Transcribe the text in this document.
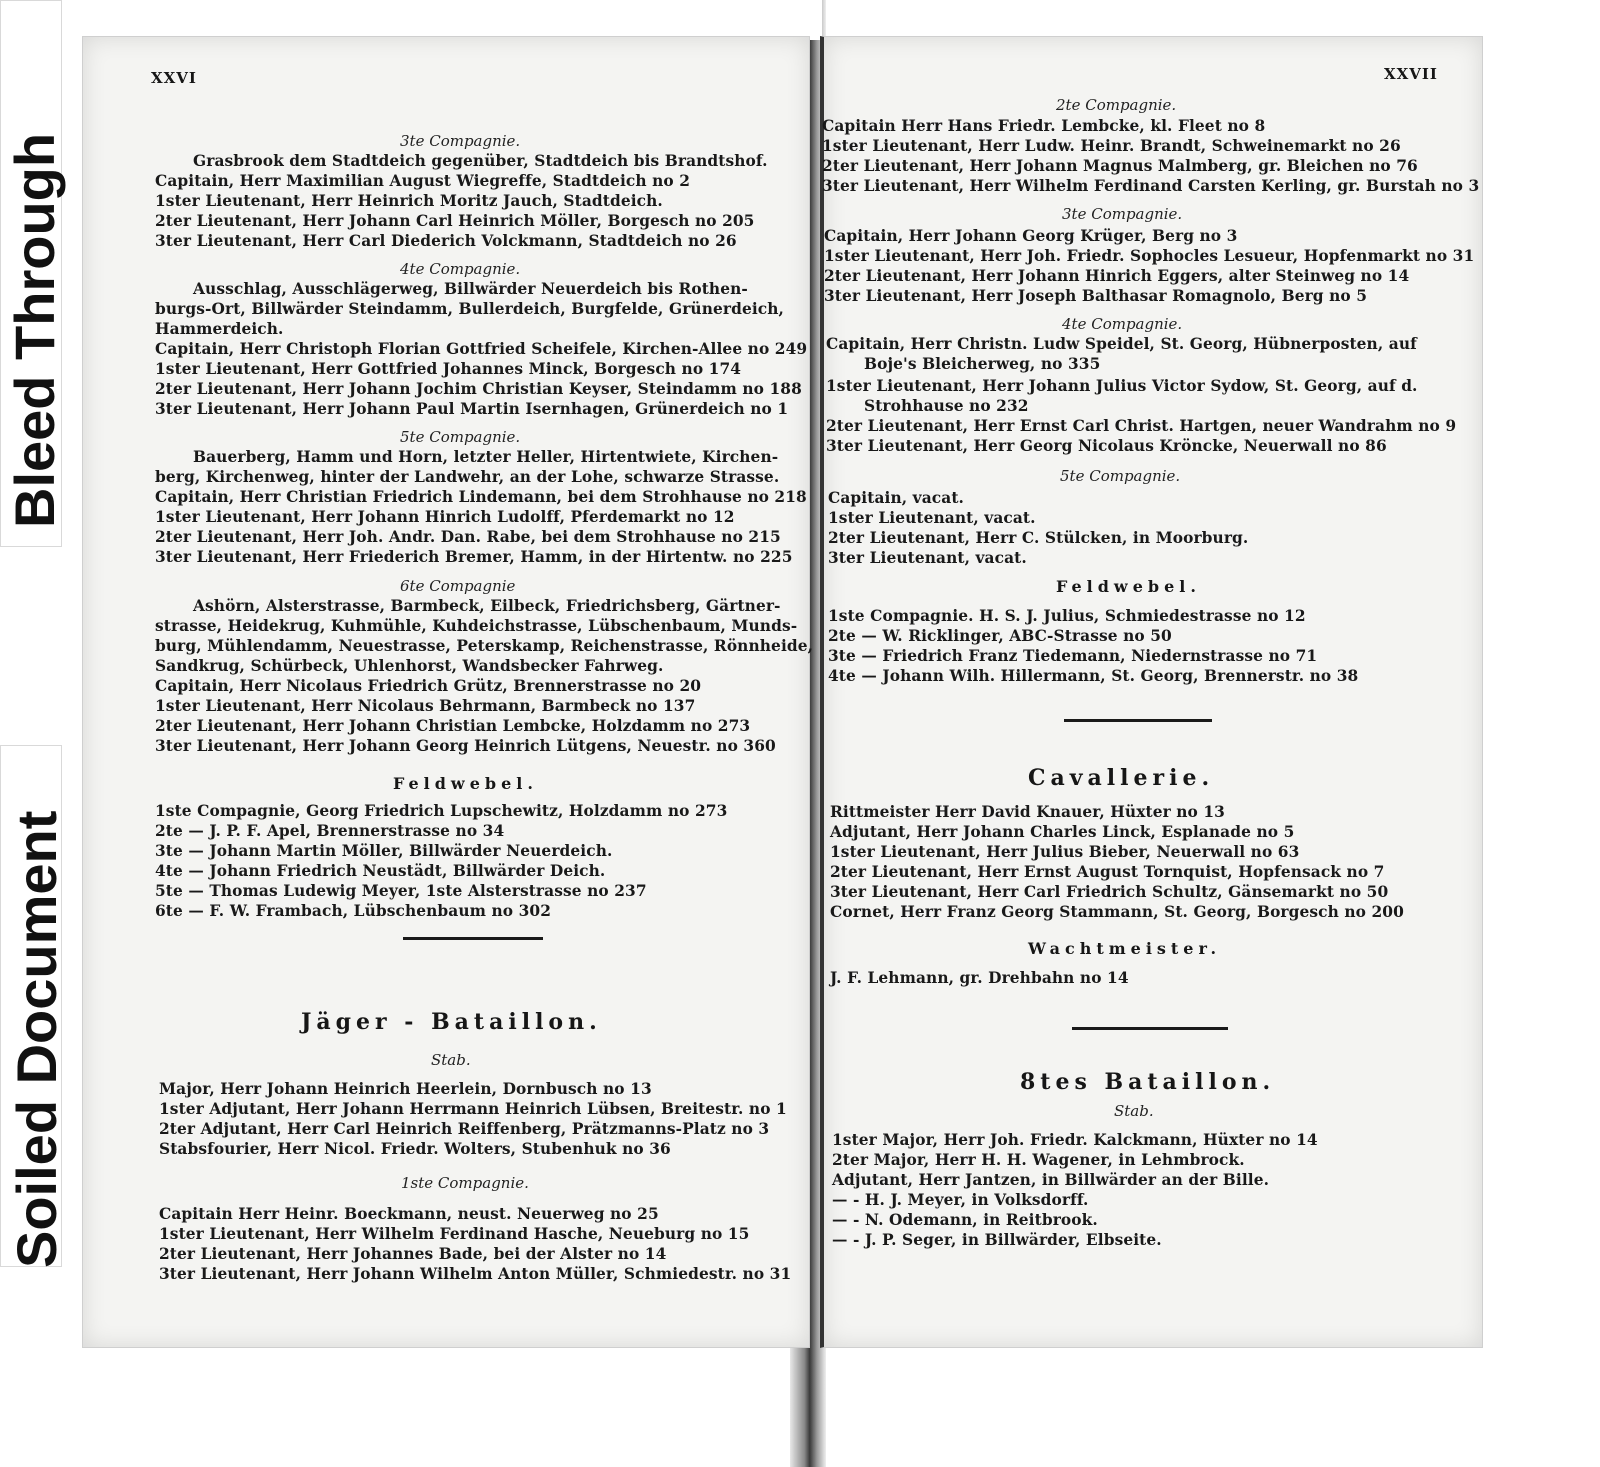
XXVI
3te Compagnie.
Grasbrook dem Stadtdeich gegenüber, Stadtdeich bis Brandtshof.
Capitain, Herr Maximilian August Wiegreffe, Stadtdeich no 2
1ster Lieutenant, Herr Heinrich Moritz Jauch, Stadtdeich.
2ter Lieutenant, Herr Johann Carl Heinrich Möller, Borgesch no 205
3ter Lieutenant, Herr Carl Diederich Volckmann, Stadtdeich no 26
4te Compagnie.
Ausschlag, Ausschlägerweg, Billwärder Neuerdeich bis Rothen-
burgs-Ort, Billwärder Steindamm, Bullerdeich, Burgfelde, Grünerdeich,
Hammerdeich.
Capitain, Herr Christoph Florian Gottfried Scheifele, Kirchen-Allee no 249
1ster Lieutenant, Herr Gottfried Johannes Minck, Borgesch no 174
2ter Lieutenant, Herr Johann Jochim Christian Keyser, Steindamm no 188
3ter Lieutenant, Herr Johann Paul Martin Isernhagen, Grünerdeich no 1
5te Compagnie.
Bauerberg, Hamm und Horn, letzter Heller, Hirtentwiete, Kirchen-
berg, Kirchenweg, hinter der Landwehr, an der Lohe, schwarze Strasse.
Capitain, Herr Christian Friedrich Lindemann, bei dem Strohhause no 218
1ster Lieutenant, Herr Johann Hinrich Ludolff, Pferdemarkt no 12
2ter Lieutenant, Herr Joh. Andr. Dan. Rabe, bei dem Strohhause no 215
3ter Lieutenant, Herr Friederich Bremer, Hamm, in der Hirtentw. no 225
6te Compagnie
Ashörn, Alsterstrasse, Barmbeck, Eilbeck, Friedrichsberg, Gärtner-
strasse, Heidekrug, Kuhmühle, Kuhdeichstrasse, Lübschenbaum, Munds-
burg, Mühlendamm, Neuestrasse, Peterskamp, Reichenstrasse, Rönnheide,
Sandkrug, Schürbeck, Uhlenhorst, Wandsbecker Fahrweg.
Capitain, Herr Nicolaus Friedrich Grütz, Brennerstrasse no 20
1ster Lieutenant, Herr Nicolaus Behrmann, Barmbeck no 137
2ter Lieutenant, Herr Johann Christian Lembcke, Holzdamm no 273
3ter Lieutenant, Herr Johann Georg Heinrich Lütgens, Neuestr. no 360
Feldwebel.
1ste Compagnie, Georg Friedrich Lupschewitz, Holzdamm no 273
2te — J. P. F. Apel, Brennerstrasse no 34
3te — Johann Martin Möller, Billwärder Neuerdeich.
4te — Johann Friedrich Neustädt, Billwärder Deich.
5te — Thomas Ludewig Meyer, 1ste Alsterstrasse no 237
6te — F. W. Frambach, Lübschenbaum no 302
Jäger - Bataillon.
Stab.
Major, Herr Johann Heinrich Heerlein, Dornbusch no 13
1ster Adjutant, Herr Johann Herrmann Heinrich Lübsen, Breitestr. no 1
2ter Adjutant, Herr Carl Heinrich Reiffenberg, Prätzmanns-Platz no 3
Stabsfourier, Herr Nicol. Friedr. Wolters, Stubenhuk no 36
1ste Compagnie.
Capitain Herr Heinr. Boeckmann, neust. Neuerweg no 25
1ster Lieutenant, Herr Wilhelm Ferdinand Hasche, Neueburg no 15
2ter Lieutenant, Herr Johannes Bade, bei der Alster no 14
3ter Lieutenant, Herr Johann Wilhelm Anton Müller, Schmiedestr. no 31
XXVII
2te Compagnie.
Capitain Herr Hans Friedr. Lembcke, kl. Fleet no 8
1ster Lieutenant, Herr Ludw. Heinr. Brandt, Schweinemarkt no 26
2ter Lieutenant, Herr Johann Magnus Malmberg, gr. Bleichen no 76
3ter Lieutenant, Herr Wilhelm Ferdinand Carsten Kerling, gr. Burstah no 3
3te Compagnie.
Capitain, Herr Johann Georg Krüger, Berg no 3
1ster Lieutenant, Herr Joh. Friedr. Sophocles Lesueur, Hopfenmarkt no 31
2ter Lieutenant, Herr Johann Hinrich Eggers, alter Steinweg no 14
3ter Lieutenant, Herr Joseph Balthasar Romagnolo, Berg no 5
4te Compagnie.
Capitain, Herr Christn. Ludw Speidel, St. Georg, Hübnerposten, auf
Boje's Bleicherweg, no 335
1ster Lieutenant, Herr Johann Julius Victor Sydow, St. Georg, auf d.
Strohhause no 232
2ter Lieutenant, Herr Ernst Carl Christ. Hartgen, neuer Wandrahm no 9
3ter Lieutenant, Herr Georg Nicolaus Kröncke, Neuerwall no 86
5te Compagnie.
Capitain, vacat.
1ster Lieutenant, vacat.
2ter Lieutenant, Herr C. Stülcken, in Moorburg.
3ter Lieutenant, vacat.
Feldwebel.
1ste Compagnie. H. S. J. Julius, Schmiedestrasse no 12
2te — W. Ricklinger, ABC-Strasse no 50
3te — Friedrich Franz Tiedemann, Niedernstrasse no 71
4te — Johann Wilh. Hillermann, St. Georg, Brennerstr. no 38
Cavallerie.
Rittmeister Herr David Knauer, Hüxter no 13
Adjutant, Herr Johann Charles Linck, Esplanade no 5
1ster Lieutenant, Herr Julius Bieber, Neuerwall no 63
2ter Lieutenant, Herr Ernst August Tornquist, Hopfensack no 7
3ter Lieutenant, Herr Carl Friedrich Schultz, Gänsemarkt no 50
Cornet, Herr Franz Georg Stammann, St. Georg, Borgesch no 200
Wachtmeister.
J. F. Lehmann, gr. Drehbahn no 14
8tes Bataillon.
Stab.
1ster Major, Herr Joh. Friedr. Kalckmann, Hüxter no 14
2ter Major, Herr H. H. Wagener, in Lehmbrock.
Adjutant, Herr Jantzen, in Billwärder an der Bille.
— - H. J. Meyer, in Volksdorff.
— - N. Odemann, in Reitbrook.
— - J. P. Seger, in Billwärder, Elbseite.
